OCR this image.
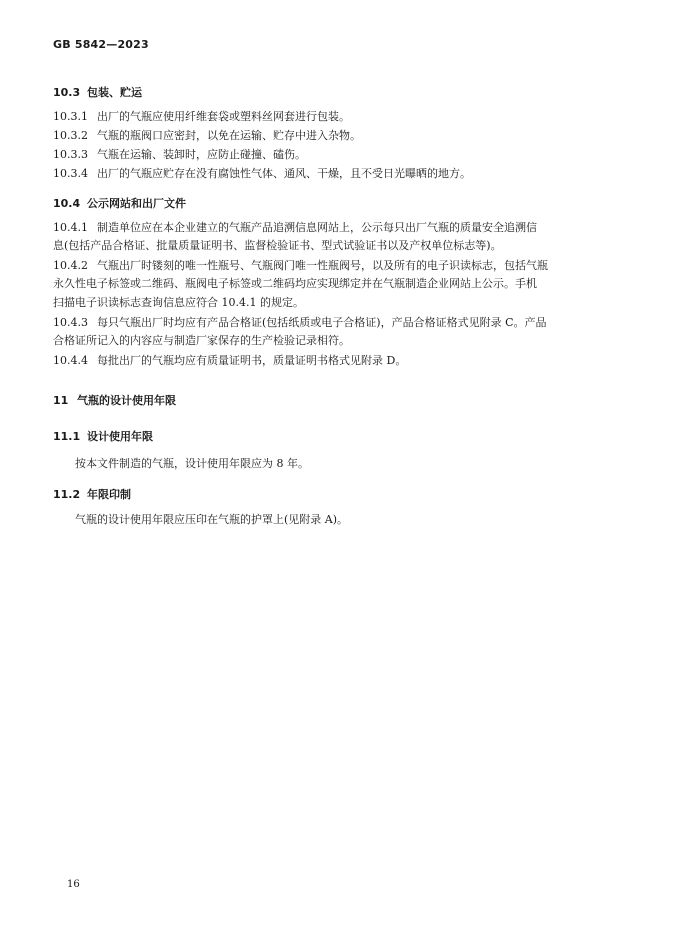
GB 5842—2023
10.3 包装、贮运
10.3.1 出厂的气瓶应使用纤维套袋或塑料丝网套进行包装。
10.3.2 气瓶的瓶阀口应密封，以免在运输、贮存中进入杂物。
10.3.3 气瓶在运输、装卸时，应防止碰撞、磕伤。
10.3.4 出厂的气瓶应贮存在没有腐蚀性气体、通风、干燥，且不受日光曝晒的地方。
10.4 公示网站和出厂文件
10.4.1 制造单位应在本企业建立的气瓶产品追溯信息网站上，公示每只出厂气瓶的质量安全追溯信
息(包括产品合格证、批量质量证明书、监督检验证书、型式试验证书以及产权单位标志等)。
10.4.2 气瓶出厂时镂刻的唯一性瓶号、气瓶阀门唯一性瓶阀号，以及所有的电子识读标志，包括气瓶
永久性电子标签或二维码、瓶阀电子标签或二维码均应实现绑定并在气瓶制造企业网站上公示。手机
扫描电子识读标志查询信息应符合 10.4.1 的规定。
10.4.3 每只气瓶出厂时均应有产品合格证(包括纸质或电子合格证)，产品合格证格式见附录 C。产品
合格证所记入的内容应与制造厂家保存的生产检验记录相符。
10.4.4 每批出厂的气瓶均应有质量证明书，质量证明书格式见附录 D。
11 气瓶的设计使用年限
11.1 设计使用年限
按本文件制造的气瓶，设计使用年限应为 8 年。
11.2 年限印制
气瓶的设计使用年限应压印在气瓶的护罩上(见附录 A)。
16
